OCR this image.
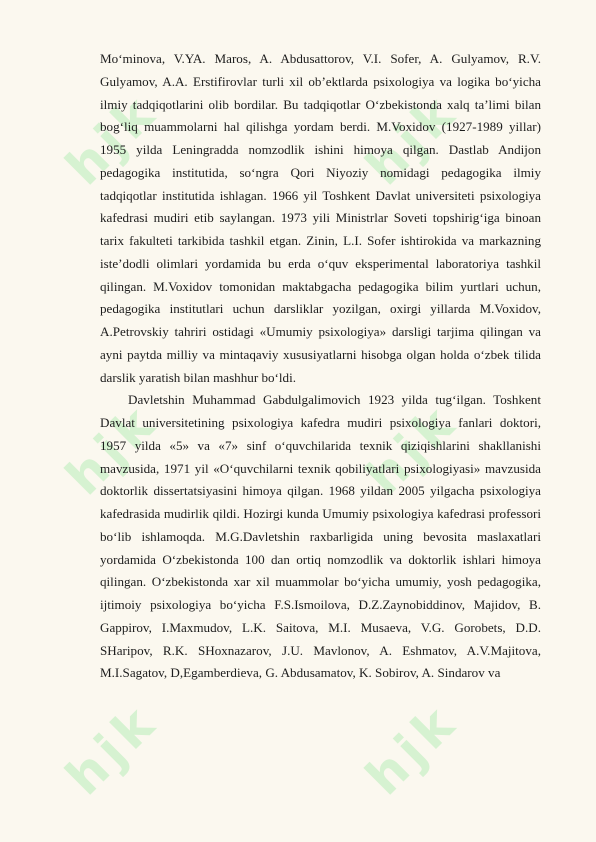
hjk	hjk
hjk	hjk
hjk	hjk

Mo‘minova, V.YA. Maros, A. Abdusattorov, V.I. Sofer, A. Gulyamov, R.V. Gulyamov, A.A. Erstifirovlar turli xil ob’ektlarda psixologiya va logika bo‘yicha ilmiy tadqiqotlarini olib bordilar. Bu tadqiqotlar O‘zbekistonda xalq ta’limi bilan bog‘liq muammolarni hal qilishga yordam berdi. M.Voxidov (1927-1989 yillar) 1955 yilda Leningradda nomzodlik ishini himoya qilgan. Dastlab Andijon pedagogika institutida, so‘ngra Qori Niyoziy nomidagi pedagogika ilmiy tadqiqotlar institutida ishlagan. 1966 yil Toshkent Davlat universiteti psixologiya kafedrasi mudiri etib saylangan. 1973 yili Ministrlar Soveti topshirig‘iga binoan tarix fakulteti tarkibida tashkil etgan. Zinin, L.I. Sofer ishtirokida va markazning iste’dodli olimlari yordamida bu erda o‘quv eksperimental laboratoriya tashkil qilingan. M.Voxidov tomonidan maktabgacha pedagogika bilim yurtlari uchun, pedagogika institutlari uchun darsliklar yozilgan, oxirgi yillarda M.Voxidov, A.Petrovskiy tahriri ostidagi «Umumiy psixologiya» darsligi tarjima qilingan va ayni paytda milliy va mintaqaviy xususiyatlarni hisobga olgan holda o‘zbek tilida darslik yaratish bilan mashhur bo‘ldi.

Davletshin Muhammad Gabdulgalimovich 1923 yilda tug‘ilgan. Toshkent Davlat universitetining psixologiya kafedra mudiri psixologiya fanlari doktori, 1957 yilda «5» va «7» sinf o‘quvchilarida texnik qiziqishlarini shakllanishi mavzusida, 1971 yil «O‘quvchilarni texnik qobiliyatlari psixologiyasi» mavzusida doktorlik dissertatsiyasini himoya qilgan. 1968 yildan 2005 yilgacha psixologiya kafedrasida mudirlik qildi. Hozirgi kunda Umumiy psixologiya kafedrasi professori bo‘lib ishlamoqda. M.G.Davletshin raxbarligida uning bevosita maslaxatlari yordamida O‘zbekistonda 100 dan ortiq nomzodlik va doktorlik ishlari himoya qilingan. O‘zbekistonda xar xil muammolar bo‘yicha umumiy, yosh pedagogika, ijtimoiy psixologiya bo‘yicha F.S.Ismoilova, D.Z.Zaynobiddinov, Majidov, B. Gappirov, I.Maxmudov, L.K. Saitova, M.I. Musaeva, V.G. Gorobets, D.D. SHaripov, R.K. SHoxnazarov, J.U. Mavlonov, A. Eshmatov, A.V.Majitova, M.I.Sagatov, D,Egamberdieva, G. Abdusamatov, K. Sobirov, A. Sindarov va
